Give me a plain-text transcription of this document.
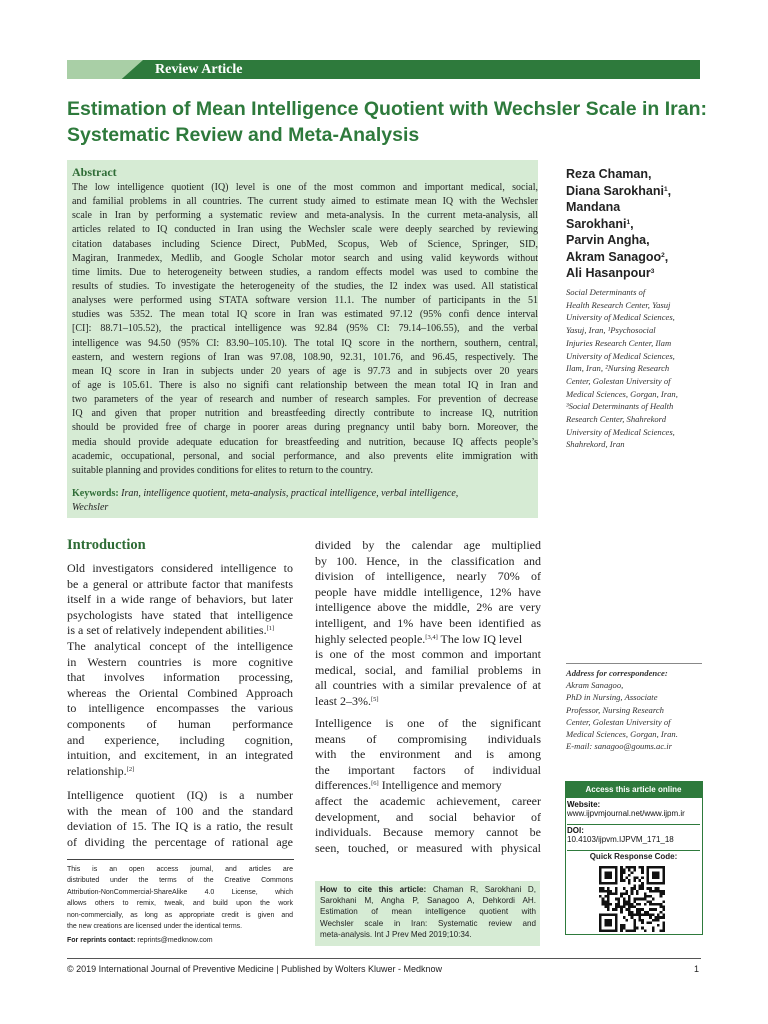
Review Article
Estimation of Mean Intelligence Quotient with Wechsler Scale in Iran:
Systematic Review and Meta-Analysis
Abstract
The low intelligence quotient (IQ) level is one of the most common and important medical, social,
and familial problems in all countries. The current study aimed to estimate mean IQ with the Wechsler
scale in Iran by performing a systematic review and meta-analysis. In the current meta-analysis, all
articles related to IQ conducted in Iran using the Wechsler scale were deeply searched by reviewing
citation databases including Science Direct, PubMed, Scopus, Web of Science, Springer, SID,
Magiran, Iranmedex, Medlib, and Google Scholar motor search and using valid keywords without
time limits. Due to heterogeneity between studies, a random effects model was used to combine the
results of studies. To investigate the heterogeneity of the studies, the I2 index was used. All statistical
analyses were performed using STATA software version 11.1. The number of participants in the 51
studies was 5352. The mean total IQ score in Iran was estimated 97.12 (95% confi dence interval
[CI]: 88.71–105.52), the practical intelligence was 92.84 (95% CI: 79.14–106.55), and the verbal
intelligence was 94.50 (95% CI: 83.90–105.10). The total IQ score in the northern, southern, central,
eastern, and western regions of Iran was 97.08, 108.90, 92.31, 101.76, and 96.45, respectively. The
mean IQ score in Iran in subjects under 20 years of age is 97.73 and in subjects over 20 years
of age is 105.61. There is also no signifi cant relationship between the mean total IQ in Iran and
two parameters of the year of research and number of research samples. For prevention of decrease
IQ and given that proper nutrition and breastfeeding directly contribute to increase IQ, nutrition
should be provided free of charge in poorer areas during pregnancy until baby born. Moreover, the
media should provide adequate education for breastfeeding and nutrition, because IQ affects people’s
academic, occupational, personal, and social performance, and also prevents elite immigration with
suitable planning and provides conditions for elites to return to the country.
Keywords: Iran, intelligence quotient, meta-analysis, practical intelligence, verbal intelligence,
Wechsler
Reza Chaman,
Diana Sarokhani$^1$,
Mandana
Sarokhani$^1$,
Parvin Angha,
Akram Sanagoo$^2$,
Ali Hasanpour$^3$
Social Determinants of
Health Research Center, Yasuj
University of Medical Sciences,
Yasuj, Iran, ¹Psychosocial
Injuries Research Center, Ilam
University of Medical Sciences,
Ilam, Iran, ²Nursing Research
Center, Golestan University of
Medical Sciences, Gorgan, Iran,
³Social Determinants of Health
Research Center, Shahrekord
University of Medical Sciences,
Shahrekord, Iran
Address for correspondence:
Akram Sanagoo,
PhD in Nursing, Associate
Professor, Nursing Research
Center, Golestan University of
Medical Sciences, Gorgan, Iran.
E-mail: sanagoo@goums.ac.ir
Access this article online
Website:
www.ijpvmjournal.net/www.ijpm.ir
DOI:
10.4103/ijpvm.IJPVM_171_18
Quick Response Code:
Introduction
Old investigators considered intelligence to
be a general or attribute factor that manifests
itself in a wide range of behaviors, but later
psychologists have stated that intelligence
is a set of relatively independent abilities.[1]
The analytical concept of the intelligence
in Western countries is more cognitive
that involves information processing,
whereas the Oriental Combined Approach
to intelligence encompasses the various
components of human performance
and experience, including cognition,
intuition, and excitement, in an integrated
relationship.[2]
Intelligence quotient (IQ) is a number
with the mean of 100 and the standard
deviation of 15. The IQ is a ratio, the result
of dividing the percentage of rational age
divided by the calendar age multiplied
by 100. Hence, in the classification and
division of intelligence, nearly 70% of
people have middle intelligence, 12% have
intelligence above the middle, 2% are very
intelligent, and 1% have been identified as
highly selected people.[3,4] The low IQ level
is one of the most common and important
medical, social, and familial problems in
all countries with a similar prevalence of at
least 2–3%.[5]
Intelligence is one of the significant
means of compromising individuals
with the environment and is among
the important factors of individual
differences.[6] Intelligence and memory
affect the academic achievement, career
development, and social behavior of
individuals. Because memory cannot be
seen, touched, or measured with physical
This is an open access journal, and articles are
distributed under the terms of the Creative Commons
Attribution-NonCommercial-ShareAlike 4.0 License, which
allows others to remix, tweak, and build upon the work
non-commercially, as long as appropriate credit is given and
the new creations are licensed under the identical terms.
For reprints contact: reprints@medknow.com
How to cite this article: Chaman R, Sarokhani D,
Sarokhani M, Angha P, Sanagoo A, Dehkordi AH.
Estimation of mean intelligence quotient with
Wechsler scale in Iran: Systematic review and
meta-analysis. Int J Prev Med 2019;10:34.
© 2019 International Journal of Preventive Medicine | Published by Wolters Kluwer - Medknow	1
